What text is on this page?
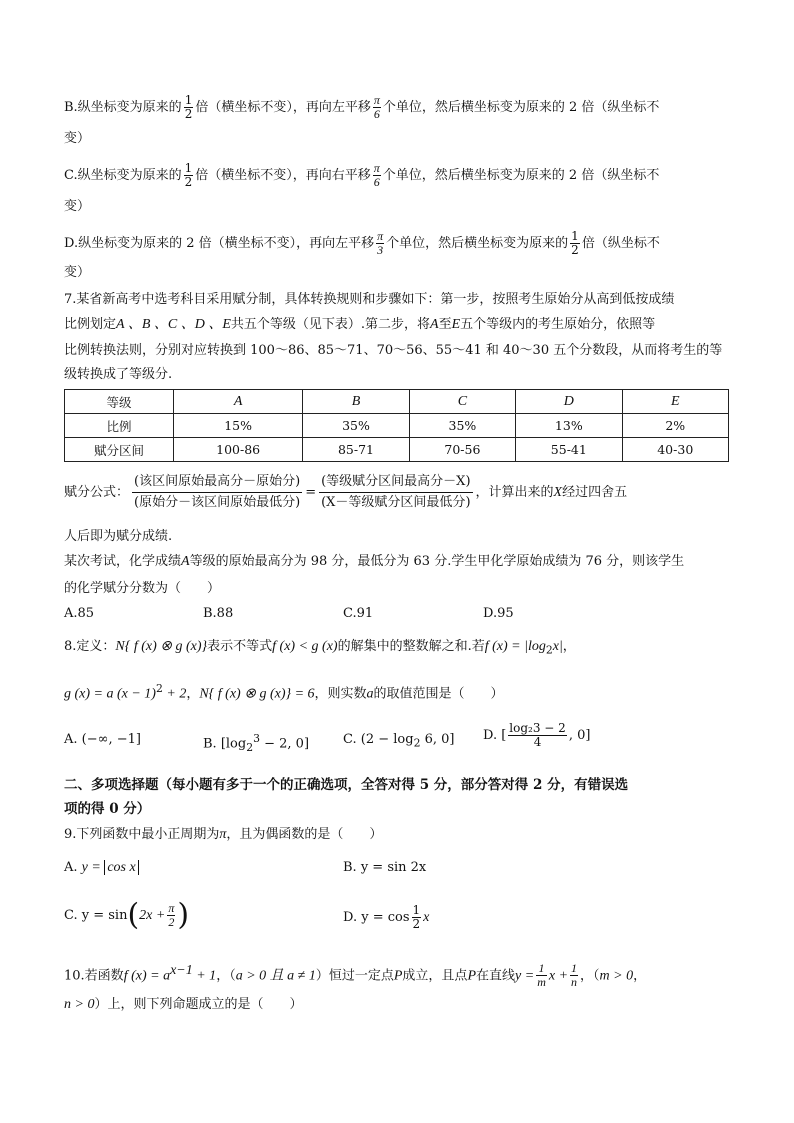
B.纵坐标变为原来的 $\frac{1}{2}$ 倍（横坐标不变），再向左平移 $\frac{\pi}{6}$ 个单位，然后横坐标变为原来的 2 倍（纵坐标不
变）
C.纵坐标变为原来的 $\frac{1}{2}$ 倍（横坐标不变），再向右平移 $\frac{\pi}{6}$ 个单位，然后横坐标变为原来的 2 倍（纵坐标不
变）
D.纵坐标变为原来的 2 倍（横坐标不变），再向左平移 $\frac{\pi}{3}$ 个单位，然后横坐标变为原来的 $\frac{1}{2}$ 倍（纵坐标不
变）
7.某省新高考中选考科目采用赋分制，具体转换规则和步骤如下：第一步，按照考生原始分从高到低按成绩
比例划定A 、B 、C 、D 、E共五个等级（见下表）.第二步，将A至E五个等级内的考生原始分，依照等
比例转换法则，分别对应转换到 100～86、85～71、70～56、55～41 和 40～30 五个分数段，从而将考生的等
级转换成了等级分.
等级	A	B	C	D	E
比例	15%	35%	35%	13%	2%
赋分区间	100-86	85-71	70-56	55-41	40-30
赋分公式：
(该区间原始最高分－原始分)
(原始分－该区间原始最低分)
=
(等级赋分区间最高分－X)
(X－等级赋分区间最低分)
，计算出来的X经过四舍五
人后即为赋分成绩.
某次考试，化学成绩A等级的原始最高分为 98 分，最低分为 63 分.学生甲化学原始成绩为 76 分，则该学生
的化学赋分分数为（　　）
A.85	B.88	C.91	D.95
8.定义：N{ f (x) ⊗ g (x)}表示不等式f (x) < g (x)的解集中的整数解之和.若f $(x) = |\log_2x|$，
g (x) = a $(x - 1)^2 + 2$，N{ f (x) ⊗ g (x)} = 6，则实数a的取值范围是（　　）
A. (−∞, −1]	B. [$\log_2^3 - 2$, 0]	C. ($2 - \log_2 6$, 0] D. [ $\frac{\text{log₂3 − 2}}{4}$ , 0]
二、多项选择题（每小题有多于一个的正确选项，全答对得 5 分，部分答对得 2 分，有错误选
项的得 0 分）
9.下列函数中最小正周期为π，且为偶函数的是（　　）
A. y = cos x	B. y = sin 2x
C. $y = \sin(2x + \frac{\pi}{2}$ )	D. $y = \cos \frac{1}{2}$ x
10.若函数f $(x) = a^{x-1} + 1$，（a > 0 且 a ≠ 1）恒过一定点P成立，且点P在直线$y = \frac{1}{m}$ $x + \frac{1}{n}$ ，（m > 0，
n > 0）上，则下列命题成立的是（　　）
